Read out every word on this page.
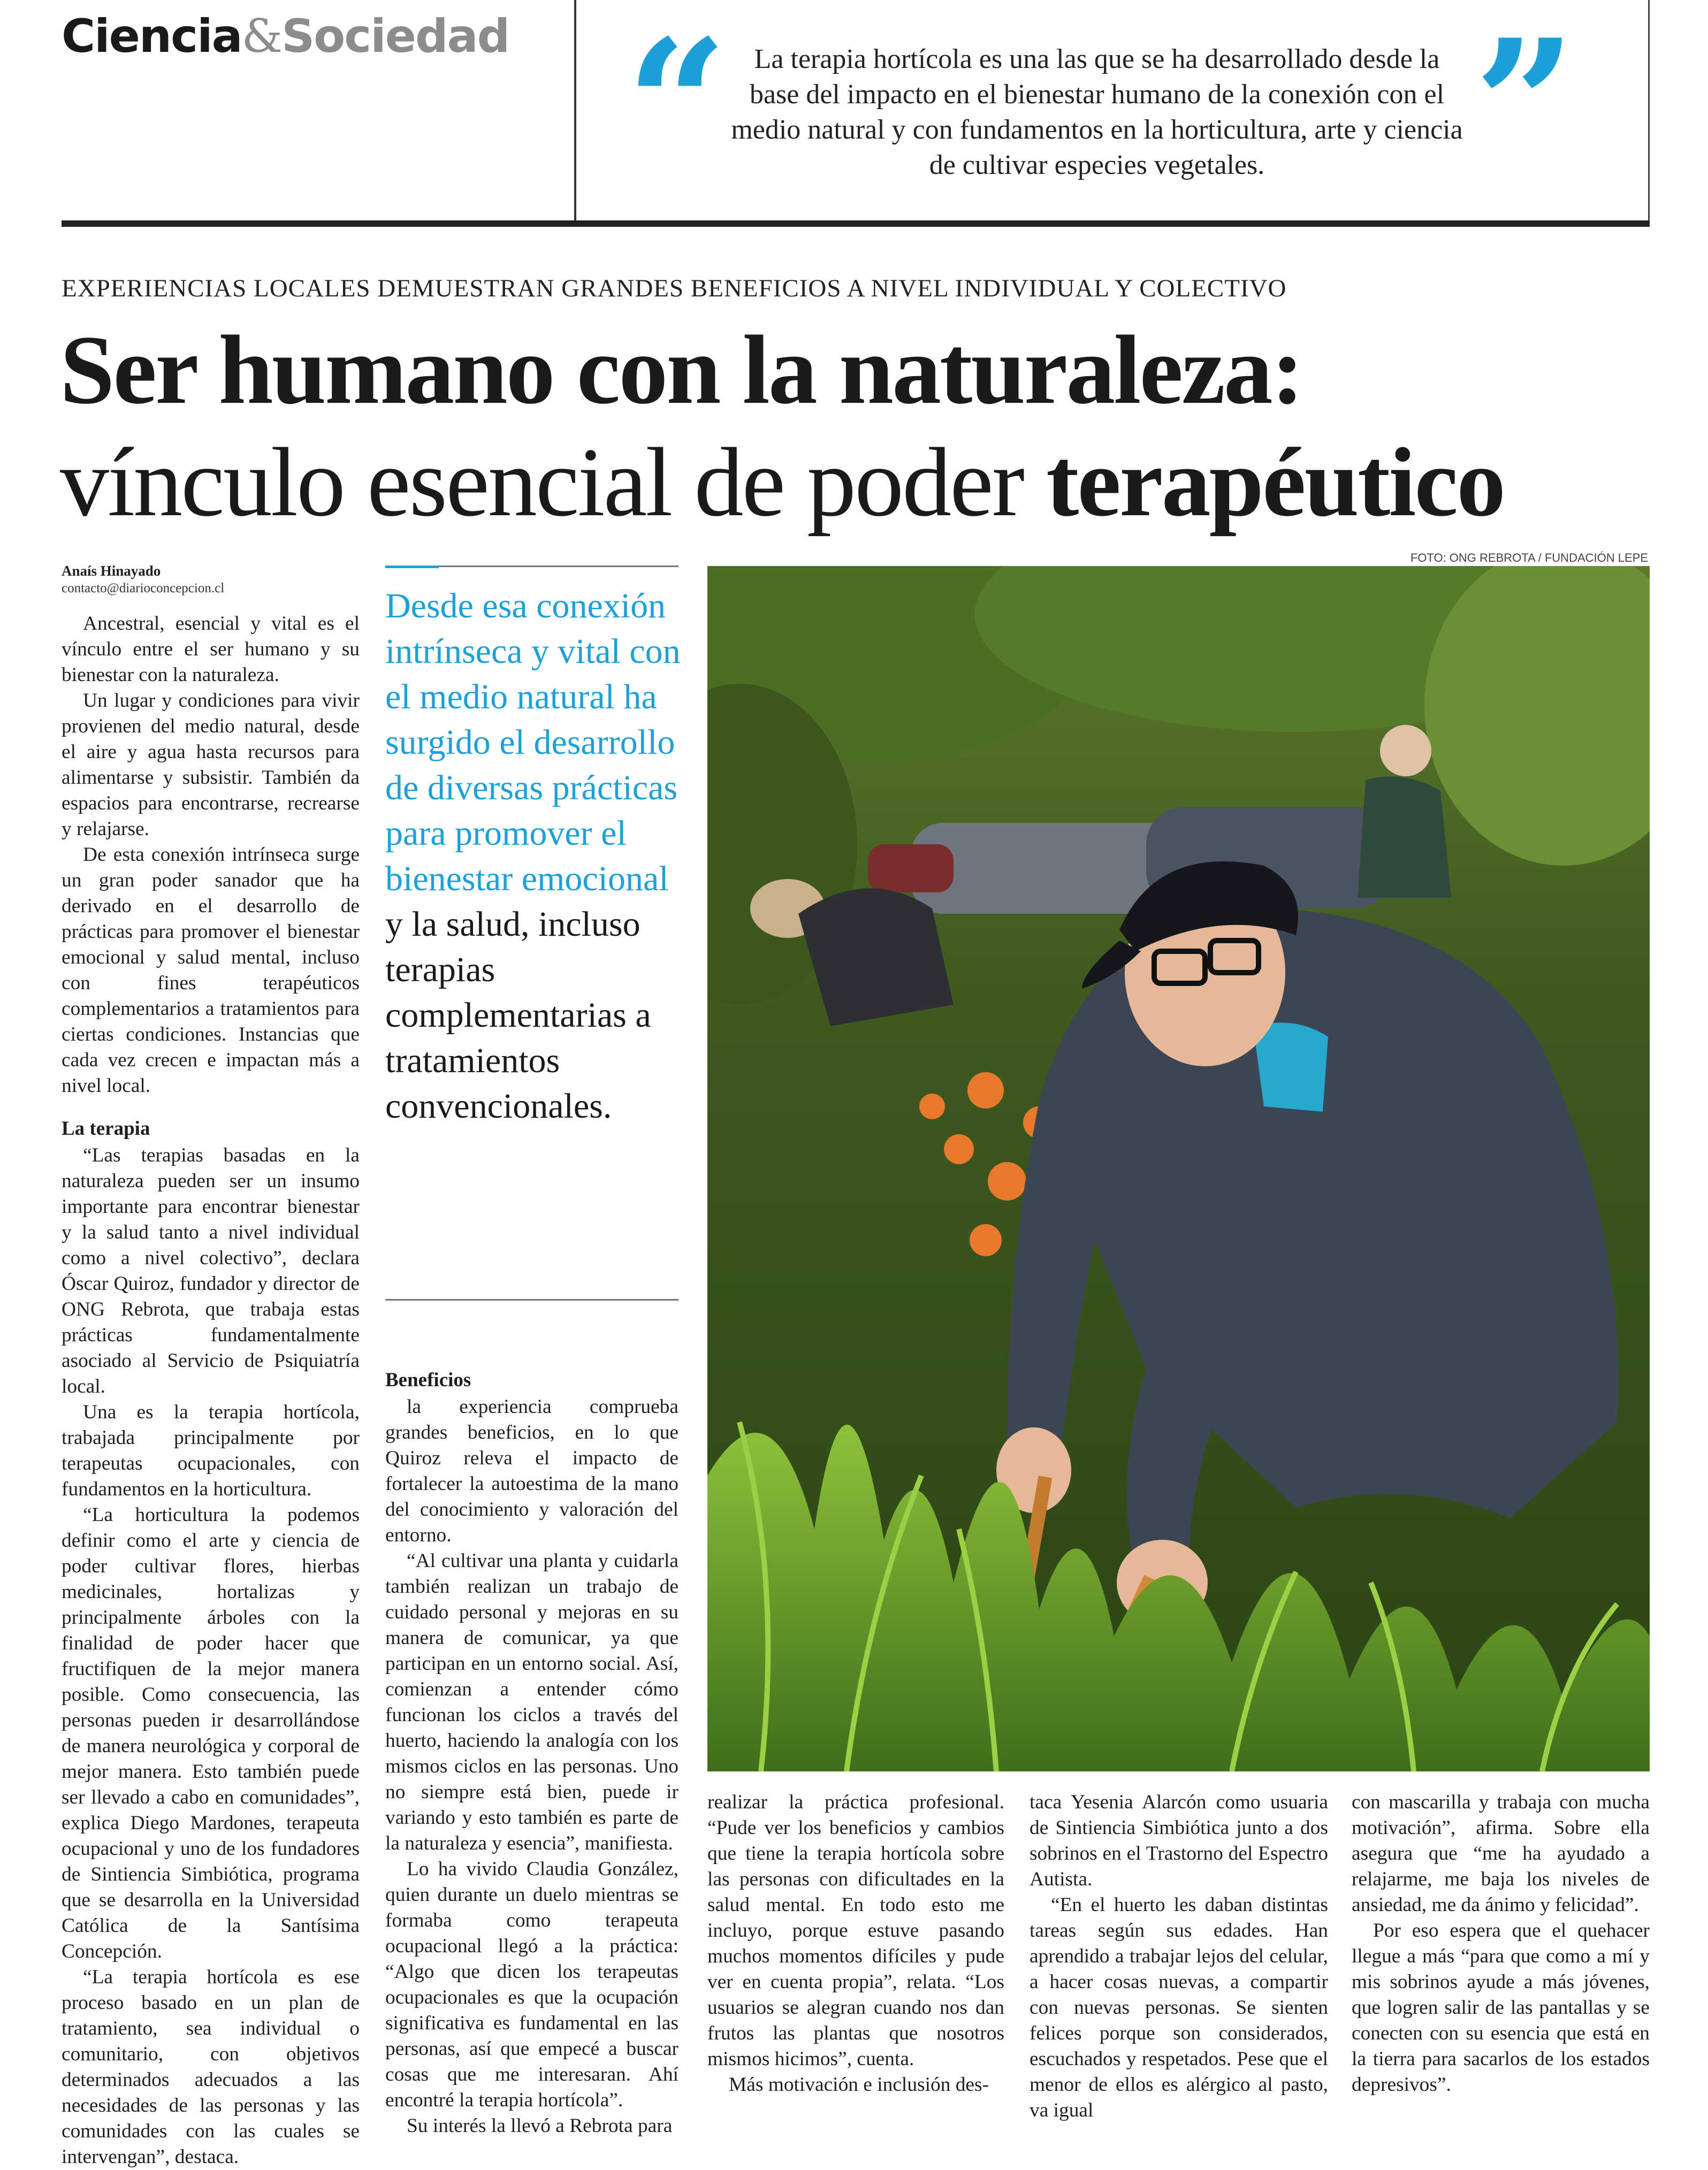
Ciencia&Sociedad “ La terapia hortícola es una las que se ha desarrollado desde la base del impacto en el bienestar humano de la conexión con el medio natural y con fundamentos en la horticultura, arte y ciencia de cultivar especies vegetales.	”
EXPERIENCIAS LOCALES DEMUESTRAN GRANDES BENEFICIOS A NIVEL INDIVIDUAL Y COLECTIVO
Ser humano con la naturaleza:
vínculo esencial de poder terapéutico
Anaís Hinayado
contacto@diarioconcepcion.cl
FOTO: ONG REBROTA / FUNDACIÓN LEPE

Ancestral, esencial y vital es el vínculo entre el ser humano y su bienestar con la naturaleza.

Un lugar y condiciones para vivir provienen del medio natural, desde el aire y agua hasta recursos para alimentarse y subsistir. También da espacios para encontrarse, recrearse y relajarse.

De esta conexión intrínseca surge un gran poder sanador que ha derivado en el desarrollo de prácticas para promover el bienestar emocional y salud mental, incluso con fines terapéuticos complementarios a tratamientos para ciertas condiciones. Instancias que cada vez crecen e impactan más a nivel local.

La terapia

“Las terapias basadas en la naturaleza pueden ser un insumo importante para encontrar bienestar y la salud tanto a nivel individual como a nivel colectivo”, declara Óscar Quiroz, fundador y director de ONG Rebrota, que trabaja estas prácticas fundamentalmente asociado al Servicio de Psiquiatría local.

Una es la terapia hortícola, trabajada principalmente por terapeutas ocupacionales, con fundamentos en la horticultura.

“La horticultura la podemos definir como el arte y ciencia de poder cultivar flores, hierbas medicinales, hortalizas y principalmente árboles con la finalidad de poder hacer que fructifiquen de la mejor manera posible. Como consecuencia, las personas pueden ir desarrollándose de manera neurológica y corporal de mejor manera. Esto también puede ser llevado a cabo en comunidades”, explica Diego Mardones, terapeuta ocupacional y uno de los fundadores de Sintiencia Simbiótica, programa que se desarrolla en la Universidad Católica de la Santísima Concepción.

“La terapia hortícola es ese proceso basado en un plan de tratamiento, sea individual o comunitario, con objetivos determinados adecuados a las necesidades de las personas y las comunidades con las cuales se intervengan”, destaca.

Desde esa conexión intrínseca y vital con el medio natural ha surgido el desarrollo de diversas prácticas para promover el bienestar emocional y la salud, incluso terapias complementarias a tratamientos convencionales.
Beneficios

la experiencia comprueba grandes beneficios, en lo que Quiroz releva el impacto de fortalecer la autoestima de la mano del conocimiento y valoración del entorno.

“Al cultivar una planta y cuidarla también realizan un trabajo de cuidado personal y mejoras en su manera de comunicar, ya que participan en un entorno social. Así, comienzan a entender cómo funcionan los ciclos a través del huerto, haciendo la analogía con los mismos ciclos en las personas. Uno no siempre está bien, puede ir variando y esto también es parte de la naturaleza y esencia”, manifiesta.

Lo ha vivido Claudia González, quien durante un duelo mientras se formaba como terapeuta ocupacional llegó a la práctica: “Algo que dicen los terapeutas ocupacionales es que la ocupación significativa es fundamental en las personas, así que empecé a buscar cosas que me interesaran. Ahí encontré la terapia hortícola”.

Su interés la llevó a Rebrota para

realizar la práctica profesional. “Pude ver los beneficios y cambios que tiene la terapia hortícola sobre las personas con dificultades en la salud mental. En todo esto me incluyo, porque estuve pasando muchos momentos difíciles y pude ver en cuenta propia”, relata. “Los usuarios se alegran cuando nos dan frutos las plantas que nosotros mismos hicimos”, cuenta.

Más motivación e inclusión des-

taca Yesenia Alarcón como usuaria de Sintiencia Simbiótica junto a dos sobrinos en el Trastorno del Espectro Autista.

“En el huerto les daban distintas tareas según sus edades. Han aprendido a trabajar lejos del celular, a hacer cosas nuevas, a compartir con nuevas personas. Se sienten felices porque son considerados, escuchados y respetados. Pese que el menor de ellos es alérgico al pasto, va igual

con mascarilla y trabaja con mucha motivación”, afirma. Sobre ella asegura que “me ha ayudado a relajarme, me baja los niveles de ansiedad, me da ánimo y felicidad”.

Por eso espera que el quehacer llegue a más “para que como a mí y mis sobrinos ayude a más jóvenes, que logren salir de las pantallas y se conecten con su esencia que está en la tierra para sacarlos de los estados depresivos”.
